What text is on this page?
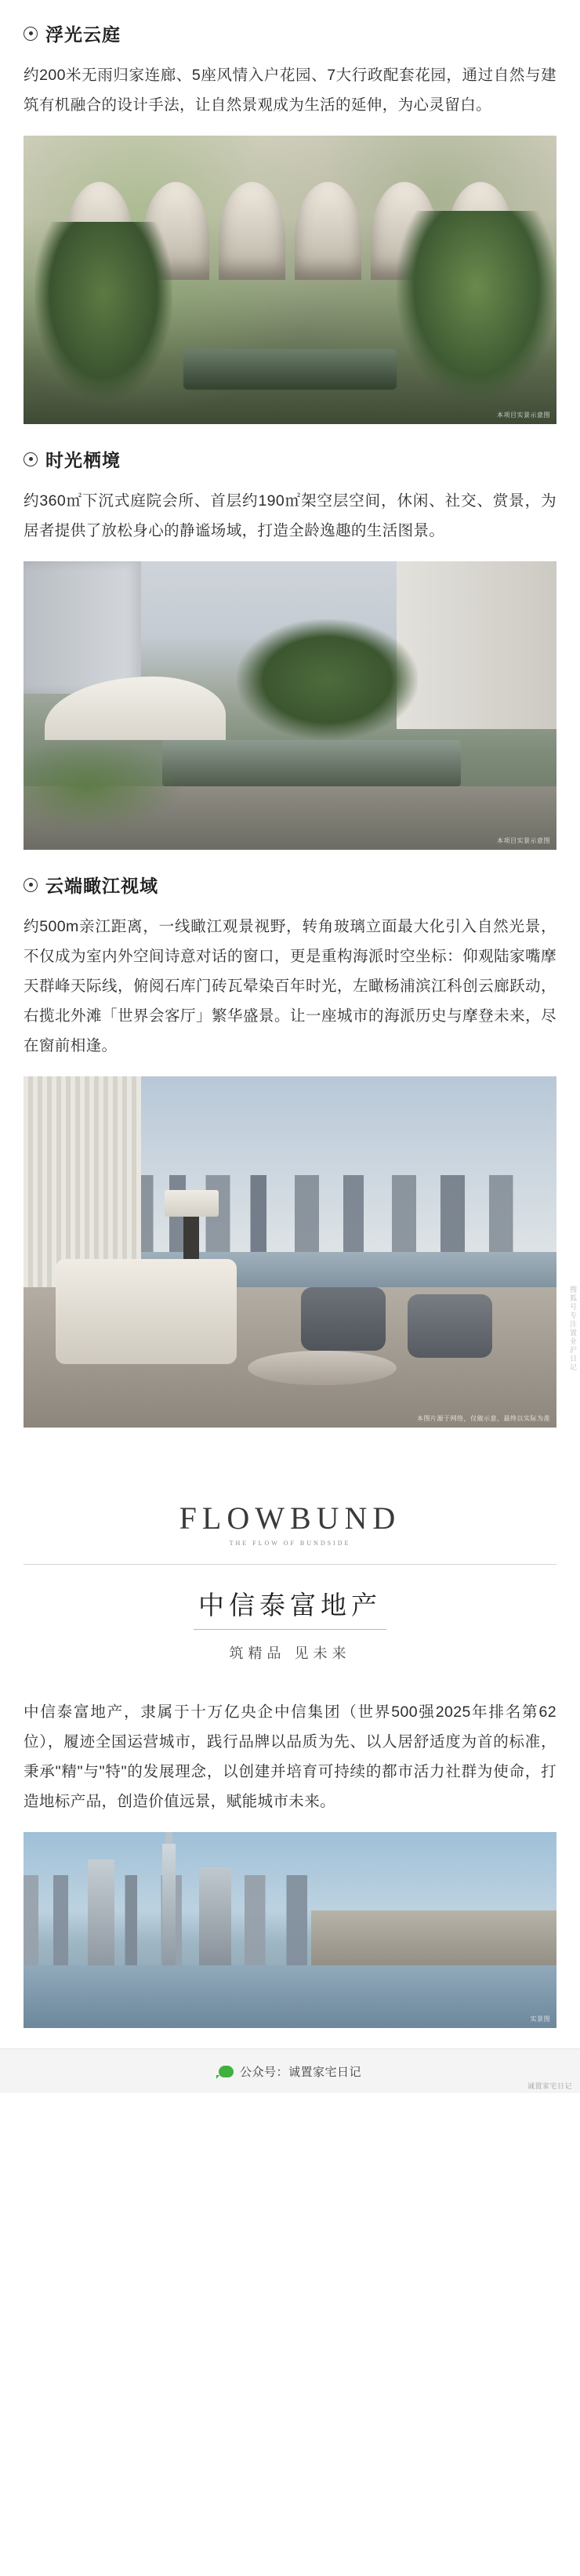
浮光云庭

约200米无雨归家连廊、5座风情入户花园、7大行政配套花园，通过自然与建筑有机融合的设计手法，让自然景观成为生活的延伸，为心灵留白。

本项目实景示意图
时光栖境

约360㎡下沉式庭院会所、首层约190㎡架空层空间，休闲、社交、赏景，为居者提供了放松身心的静谧场域，打造全龄逸趣的生活图景。

本项目实景示意图
云端瞰江视域

约500m亲江距离，一线瞰江观景视野，转角玻璃立面最大化引入自然光景，不仅成为室内外空间诗意对话的窗口，更是重构海派时空坐标：仰观陆家嘴摩天群峰天际线，俯阅石库门砖瓦晕染百年时光，左瞰杨浦滨江科创云廊跃动，右揽北外滩「世界会客厅」繁华盛景。让一座城市的海派历史与摩登未来，尽在窗前相逢。

本图片源于网络，仅做示意，最终以实际为准
FLOWBUND
THE FLOW OF BUNDSIDE
中信泰富地产
筑精品 见未来

中信泰富地产，隶属于十万亿央企中信集团（世界500强2025年排名第62位），履迹全国运营城市，践行品牌以品质为先、以人居舒适度为首的标准，秉承"精"与"特"的发展理念，以创建并培育可持续的都市活力社群为使命，打造地标产品，创造价值远景，赋能城市未来。

实景图
搜狐号专注置业沪日记
公众号：诚置家宅日记
诚置家宅日记
